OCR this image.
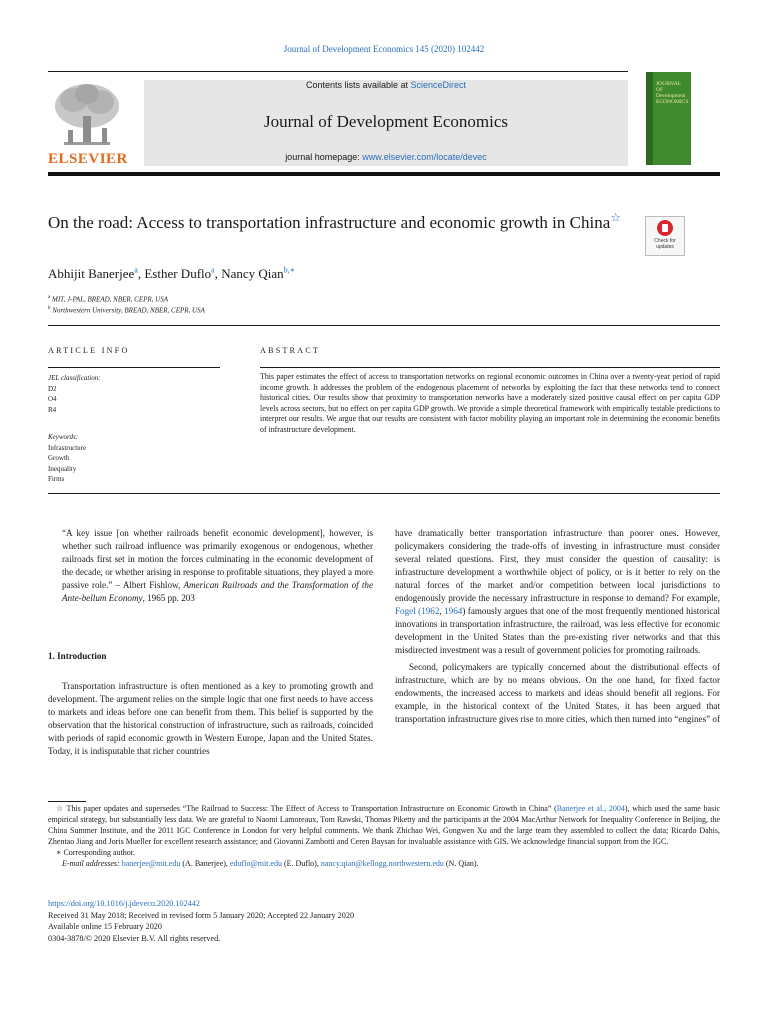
Journal of Development Economics 145 (2020) 102442
ELSEVIER
Contents lists available at ScienceDirect
Journal of Development Economics
journal homepage: www.elsevier.com/locate/devec
JOURNAL OF Development ECONOMICS
On the road: Access to transportation infrastructure and economic growth in China☆
Check for updates
Abhijit Banerjee$^a$, Esther Duflo$^a$, Nancy Qian$^{b,∗}$
$^a$ MIT, J-PAL, BREAD, NBER, CEPR, USA
$^b$ Northwestern University, BREAD, NBER, CEPR, USA
ARTICLE INFO
JEL classification:
D2
O4
R4
Keywords:
Infrastructure
Growth
Inequality
Firms
ABSTRACT
This paper estimates the effect of access to transportation networks on regional economic outcomes in China over a twenty-year period of rapid income growth. It addresses the problem of the endogenous placement of networks by exploiting the fact that these networks tend to connect historical cities. Our results show that proximity to transportation networks have a moderately sized positive causal effect on per capita GDP levels across sectors, but no effect on per capita GDP growth. We provide a simple theoretical framework with empirically testable predictions to interpret our results. We argue that our results are consistent with factor mobility playing an important role in determining the economic benefits of infrastructure development.

“A key issue [on whether railroads benefit economic development], however, is whether such railroad influence was primarily exogenous or endogenous, whether railroads first set in motion the forces culminating in the economic development of the decade, or whether arising in response to profitable situations, they played a more passive role.” – Albert Fishlow, American Railroads and the Transformation of the Ante-bellum Economy, 1965 pp. 203

1. Introduction

Transportation infrastructure is often mentioned as a key to promoting growth and development. The argument relies on the simple logic that one first needs to have access to markets and ideas before one can benefit from them. This belief is supported by the observation that the historical construction of infrastructure, such as railroads, coincided with periods of rapid economic growth in Western Europe, Japan and the United States. Today, it is indisputable that richer countries

have dramatically better transportation infrastructure than poorer ones. However, policymakers considering the trade-offs of investing in infrastructure must consider several related questions. First, they must consider the question of causality: is infrastructure development a worthwhile object of policy, or is it better to rely on the natural forces of the market and/or competition between local jurisdictions to endogenously provide the necessary infrastructure in response to demand? For example, Fogel (1962, 1964) famously argues that one of the most frequently mentioned historical innovations in transportation infrastructure, the railroad, was less effective for economic development in the United States than the pre-existing river networks and that this misdirected investment was a result of government policies for promoting railroads.

Second, policymakers are typically concerned about the distributional effects of infrastructure, which are by no means obvious. On the one hand, for fixed factor endowments, the increased access to markets and ideas should benefit all regions. For example, in the historical context of the United States, it has been argued that transportation infrastructure gives rise to more cities, which then turned into “engines” of

☆ This paper updates and supersedes “The Railroad to Success: The Effect of Access to Transportation Infrastructure on Economic Growth in China” (Banerjee et al., 2004), which used the same basic empirical strategy, but substantially less data. We are grateful to Naomi Lamoreaux, Tom Rawski, Thomas Piketty and the participants at the 2004 MacArthur Network for Inequality Conference in Beijing, the China Summer Institute, and the 2011 IGC Conference in London for very helpful comments. We thank Zhichao Wei, Gongwen Xu and the large team they assembled to collect the data; Ricardo Dahis, Zhentao Jiang and Joris Mueller for excellent research assistance; and Giovanni Zambotti and Ceren Baysan for invaluable assistance with GIS. We acknowledge financial support from the IGC.

∗ Corresponding author.

E-mail addresses: banerjee@mit.edu (A. Banerjee), eduflo@mit.edu (E. Duflo), nancy.qian@kellogg.northwestern.edu (N. Qian).

https://doi.org/10.1016/j.jdeveco.2020.102442
Received 31 May 2018; Received in revised form 5 January 2020; Accepted 22 January 2020
Available online 15 February 2020
0304-3878/© 2020 Elsevier B.V. All rights reserved.
